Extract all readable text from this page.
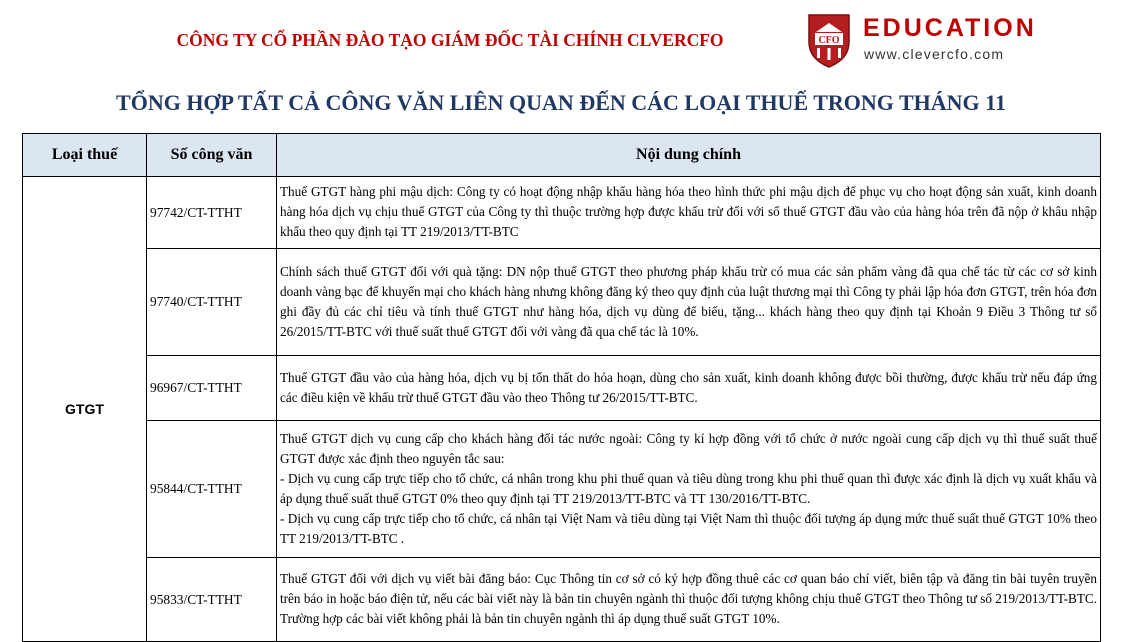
CÔNG TY CỔ PHẦN ĐÀO TẠO GIÁM ĐỐC TÀI CHÍNH CLVERCFO	CFO EDUCATION
www.clevercfo.com
TỔNG HỢP TẤT CẢ CÔNG VĂN LIÊN QUAN ĐẾN CÁC LOẠI THUẾ TRONG THÁNG 11
Loại thuế	Số công văn	Nội dung chính
GTGT	97742/CT-TTHT	Thuế GTGT hàng phi mậu dịch: Công ty có hoạt động nhập khẩu hàng hóa theo hình thức phi mậu dịch để phục vụ cho hoạt động sản xuất, kinh doanh hàng hóa dịch vụ chịu thuế GTGT của Công ty thì thuộc trường hợp được khấu trừ đối với số thuế GTGT đầu vào của hàng hóa trên đã nộp ở khâu nhập khẩu theo quy định tại TT 219/2013/TT-BTC

	97740/CT-TTHT	Chính sách thuế GTGT đối với quà tặng: DN nộp thuế GTGT theo phương pháp khấu trừ có mua các sản phẩm vàng đã qua chế tác từ các cơ sở kinh doanh vàng bạc để khuyến mại cho khách hàng nhưng không đăng ký theo quy định của luật thương mại thì Công ty phải lập hóa đơn GTGT, trên hóa đơn ghi đầy đủ các chỉ tiêu và tính thuế GTGT như hàng hóa, dịch vụ dùng để biếu, tặng... khách hàng theo quy định tại Khoản 9 Điều 3 Thông tư số 26/2015/TT-BTC với thuế suất thuế GTGT đối với vàng đã qua chế tác là 10%.

	96967/CT-TTHT	Thuế GTGT đầu vào của hàng hóa, dịch vụ bị tổn thất do hỏa hoạn, dùng cho sản xuất, kinh doanh không được bồi thường, được khấu trừ nếu đáp ứng các điều kiện về khấu trừ thuế GTGT đầu vào theo Thông tư 26/2015/TT-BTC.

	95844/CT-TTHT	Thuế GTGT dịch vụ cung cấp cho khách hàng đối tác nước ngoài: Công ty kí hợp đồng với tổ chức ở nước ngoài cung cấp dịch vụ thì thuế suất thuế GTGT được xác định theo nguyên tắc sau:
- Dịch vụ cung cấp trực tiếp cho tổ chức, cá nhân trong khu phi thuế quan và tiêu dùng trong khu phi thuế quan thì được xác định là dịch vụ xuất khẩu và áp dụng thuế suất thuế GTGT 0% theo quy định tại TT 219/2013/TT-BTC và TT 130/2016/TT-BTC.
- Dịch vụ cung cấp trực tiếp cho tổ chức, cá nhân tại Việt Nam và tiêu dùng tại Việt Nam thì thuộc đối tượng áp dụng mức thuế suất thuế GTGT 10% theo TT 219/2013/TT-BTC .

	95833/CT-TTHT	Thuế GTGT đối với dịch vụ viết bài đăng báo: Cục Thông tin cơ sở có ký hợp đồng thuê các cơ quan báo chí viết, biên tập và đăng tin bài tuyên truyền trên báo in hoặc báo điện tử, nếu các bài viết này là bản tin chuyên ngành thì thuộc đối tượng không chịu thuế GTGT theo Thông tư số 219/2013/TT-BTC. Trường hợp các bài viết không phải là bản tin chuyên ngành thì áp dụng thuế suất GTGT 10%.
